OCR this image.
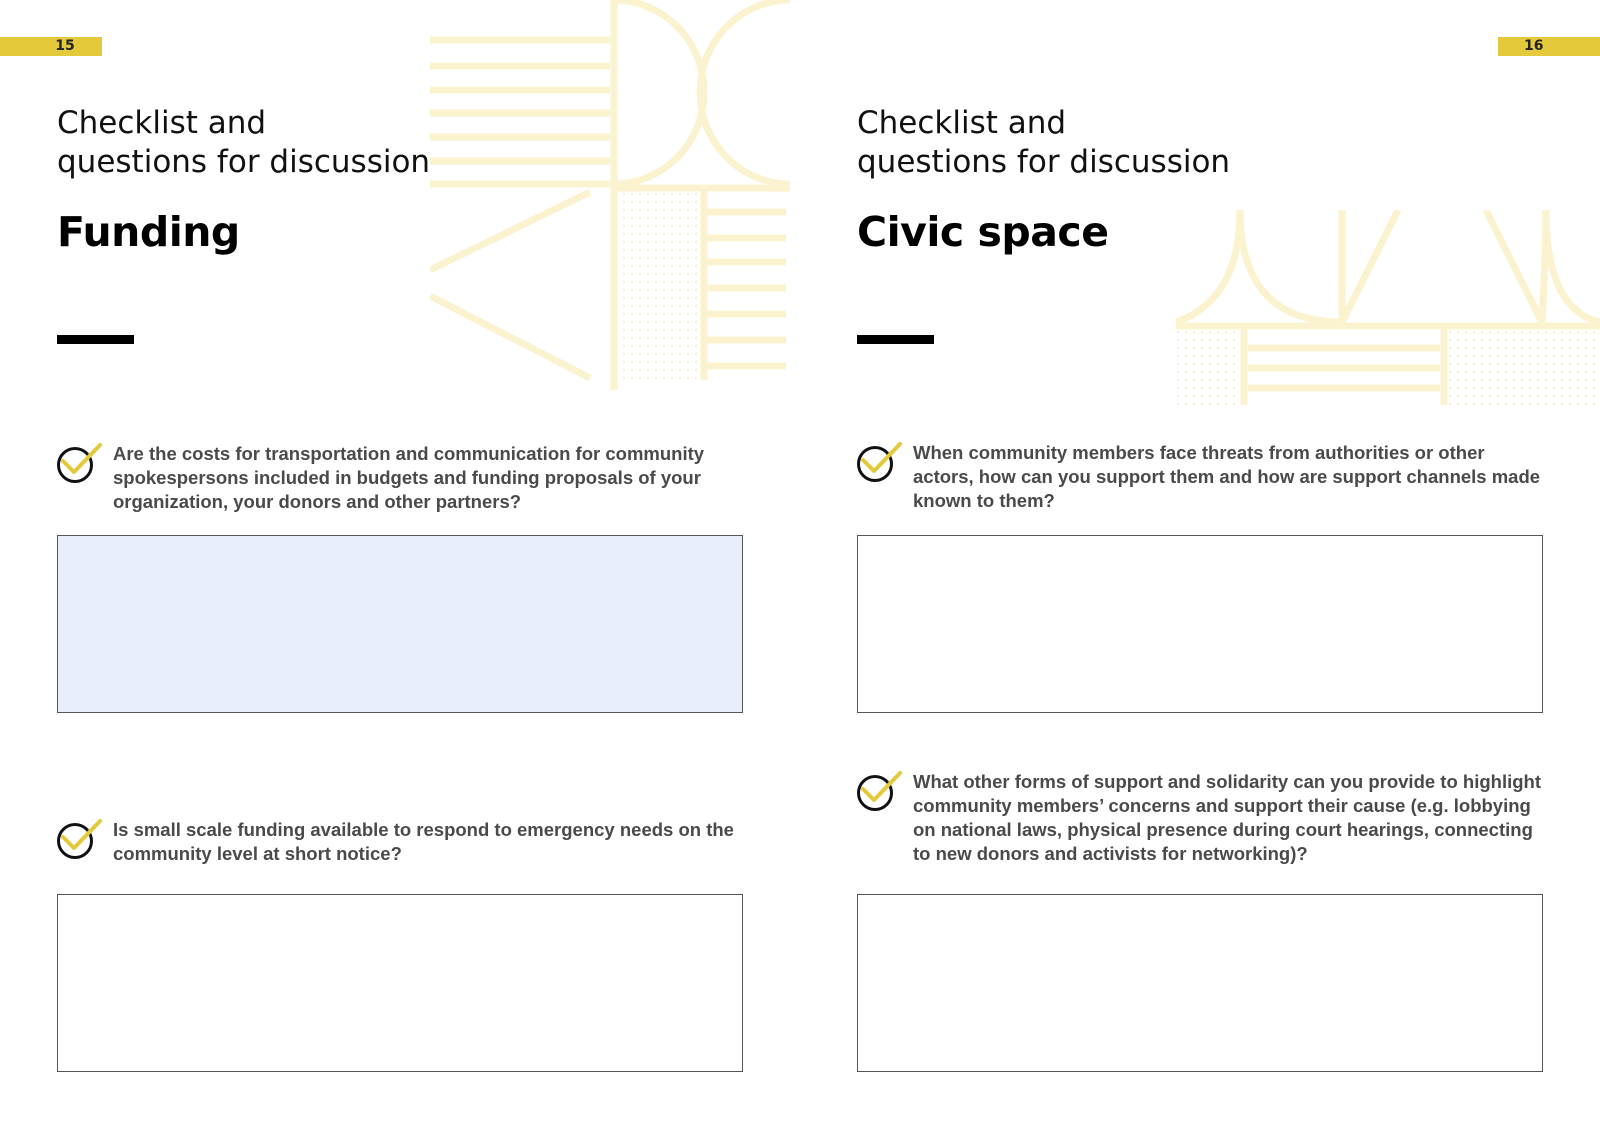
15
Checklist and
questions for discussion
Funding
Are the costs for transportation and communication for community spokespersons included in budgets and funding proposals of your organization, your donors and other partners?
Is small scale funding available to respond to emergency needs on the community level at short notice?
16
Checklist and
questions for discussion
Civic space
When community members face threats from authorities or other actors, how can you support them and how are support channels made known to them?
What other forms of support and solidarity can you provide to highlight community members’ concerns and support their cause (e.g. lobbying on national laws, physical presence during court hearings, connecting to new donors and activists for networking)?
